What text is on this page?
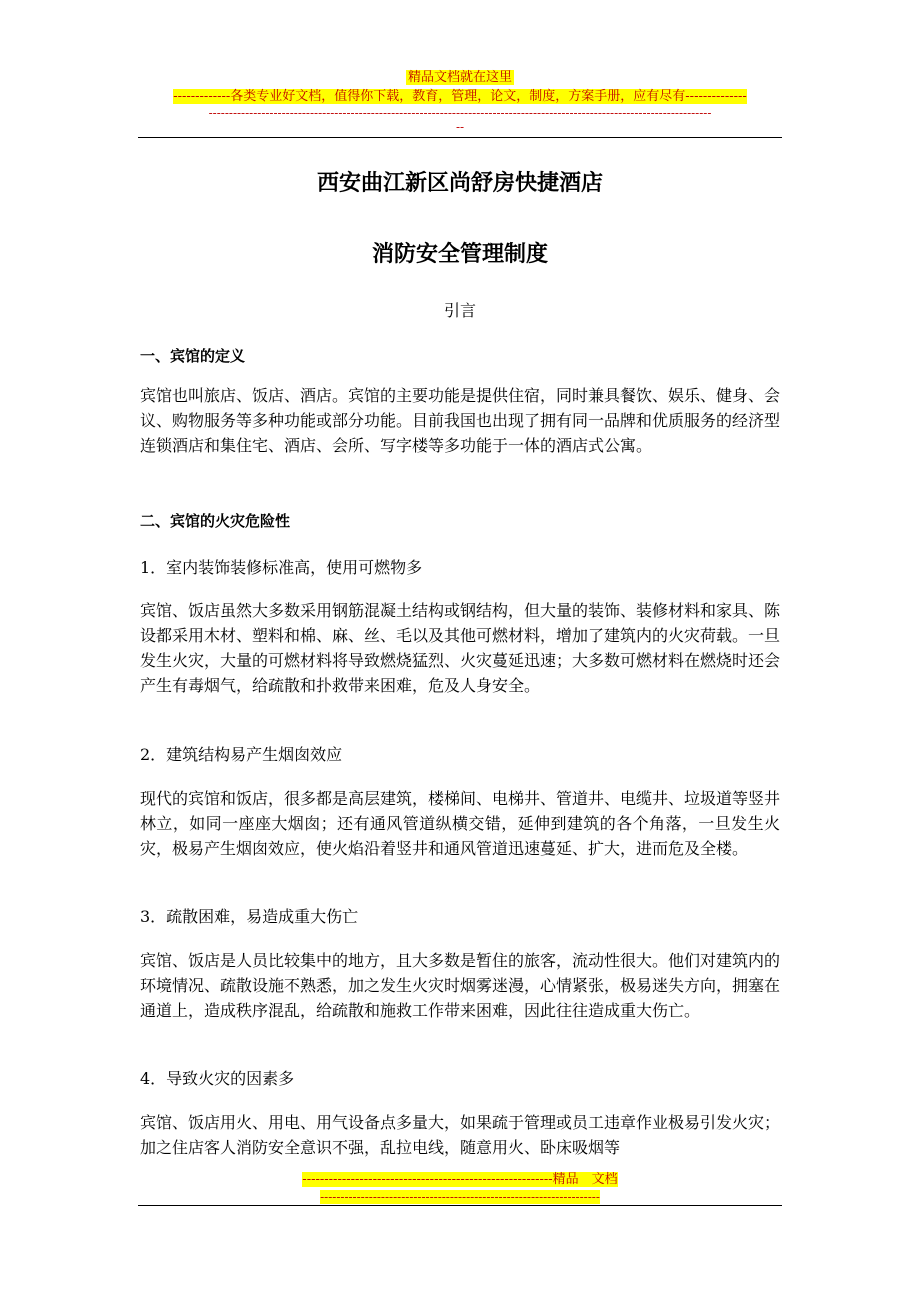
精品文档就在这里
-------------各类专业好文档，值得你下载，教育，管理，论文，制度，方案手册，应有尽有--------------
----------------------------------------------------------------------------------------------------------------------------
--
西安曲江新区尚舒房快捷酒店
消防安全管理制度
引言
一、宾馆的定义
宾馆也叫旅店、饭店、酒店。宾馆的主要功能是提供住宿，同时兼具餐饮、娱乐、健身、会议、购物服务等多种功能或部分功能。目前我国也出现了拥有同一品牌和优质服务的经济型连锁酒店和集住宅、酒店、会所、写字楼等多功能于一体的酒店式公寓。
二、宾馆的火灾危险性
1．室内装饰装修标准高，使用可燃物多
宾馆、饭店虽然大多数采用钢筋混凝土结构或钢结构，但大量的装饰、装修材料和家具、陈设都采用木材、塑料和棉、麻、丝、毛以及其他可燃材料，增加了建筑内的火灾荷载。一旦发生火灾，大量的可燃材料将导致燃烧猛烈、火灾蔓延迅速；大多数可燃材料在燃烧时还会产生有毒烟气，给疏散和扑救带来困难，危及人身安全。
2．建筑结构易产生烟囱效应
现代的宾馆和饭店，很多都是高层建筑，楼梯间、电梯井、管道井、电缆井、垃圾道等竖井林立，如同一座座大烟囱；还有通风管道纵横交错，延伸到建筑的各个角落，一旦发生火灾，极易产生烟囱效应，使火焰沿着竖井和通风管道迅速蔓延、扩大，进而危及全楼。
3．疏散困难，易造成重大伤亡
宾馆、饭店是人员比较集中的地方，且大多数是暂住的旅客，流动性很大。他们对建筑内的环境情况、疏散设施不熟悉，加之发生火灾时烟雾迷漫，心情紧张，极易迷失方向，拥塞在通道上，造成秩序混乱，给疏散和施救工作带来困难，因此往往造成重大伤亡。
4．导致火灾的因素多
宾馆、饭店用火、用电、用气设备点多量大，如果疏于管理或员工违章作业极易引发火灾；加之住店客人消防安全意识不强，乱拉电线，随意用火、卧床吸烟等
---------------------------------------------------------精品　文档
---------------------------------------------------------------------
